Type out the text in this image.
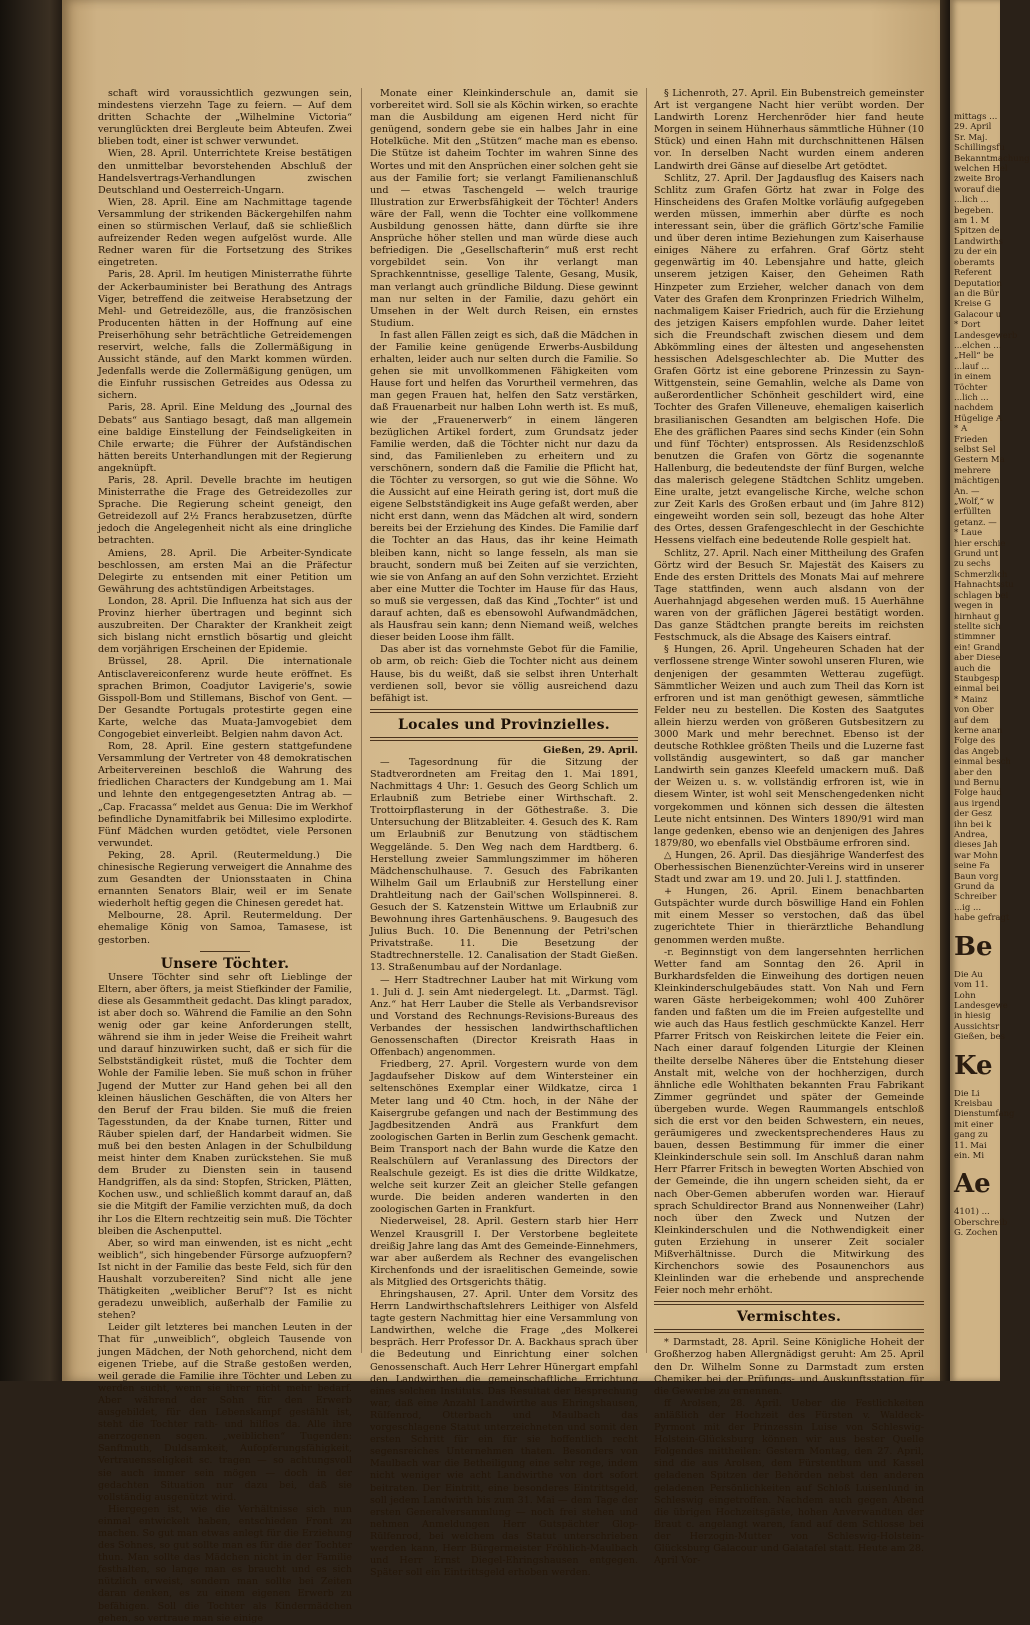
schaft wird voraussichtlich gezwungen sein, mindestens vierzehn Tage zu feiern. — Auf dem dritten Schachte der „Wilhelmine Victoria“ verunglückten drei Bergleute beim Abteufen. Zwei blieben todt, einer ist schwer verwundet.

Wien, 28. April. Unterrichtete Kreise bestätigen den unmittelbar bevorstehenden Abschluß der Handelsvertrags-Verhandlungen zwischen Deutschland und Oesterreich-Ungarn.

Wien, 28. April. Eine am Nachmittage tagende Versammlung der strikenden Bäckergehilfen nahm einen so stürmischen Verlauf, daß sie schließlich aufreizender Reden wegen aufgelöst wurde. Alle Redner waren für die Fortsetzung des Strikes eingetreten.

Paris, 28. April. Im heutigen Ministerrathe führte der Ackerbauminister bei Berathung des Antrags Viger, betreffend die zeitweise Herabsetzung der Mehl- und Getreidezölle, aus, die französischen Producenten hätten in der Hoffnung auf eine Preiserhöhung sehr beträchtliche Getreidemengen reservirt, welche, falls die Zollermäßigung in Aussicht stände, auf den Markt kommen würden. Jedenfalls werde die Zollermäßigung genügen, um die Einfuhr russischen Getreides aus Odessa zu sichern.

Paris, 28. April. Eine Meldung des „Journal des Debats“ aus Santiago besagt, daß man allgemein eine baldige Einstellung der Feindseligkeiten in Chile erwarte; die Führer der Aufständischen hätten bereits Unterhandlungen mit der Regierung angeknüpft.

Paris, 28. April. Develle brachte im heutigen Ministerrathe die Frage des Getreidezolles zur Sprache. Die Regierung scheint geneigt, den Getreidezoll auf 2½ Francs herabzusetzen, dürfte jedoch die Angelegenheit nicht als eine dringliche betrachten.

Amiens, 28. April. Die Arbeiter-Syndicate beschlossen, am ersten Mai an die Präfectur Delegirte zu entsenden mit einer Petition um Gewährung des achtstündigen Arbeitstages.

London, 28. April. Die Influenza hat sich aus der Provinz hierher übertragen und beginnt sich auszubreiten. Der Charakter der Krankheit zeigt sich bislang nicht ernstlich bösartig und gleicht dem vorjährigen Erscheinen der Epidemie.

Brüssel, 28. April. Die internationale Antisclavereiconferenz wurde heute eröffnet. Es sprachen Brimon, Coadjutor Lavigerie's, sowie Gisspoll-Bom und Stillemans, Bischof von Gent. — Der Gesandte Portugals protestirte gegen eine Karte, welche das Muata-Jamvogebiet dem Congogebiet einverleibt. Belgien nahm davon Act.

Rom, 28. April. Eine gestern stattgefundene Versammlung der Vertreter von 48 demokratischen Arbeitervereinen beschloß die Wahrung des friedlichen Characters der Kundgebung am 1. Mai und lehnte den entgegengesetzten Antrag ab. — „Cap. Fracassa“ meldet aus Genua: Die im Werkhof befindliche Dynamitfabrik bei Millesimo explodirte. Fünf Mädchen wurden getödtet, viele Personen verwundet.

Peking, 28. April. (Reutermeldung.) Die chinesische Regierung verweigert die Annahme des zum Gesandten der Unionsstaaten in China ernannten Senators Blair, weil er im Senate wiederholt heftig gegen die Chinesen geredet hat.

Melbourne, 28. April. Reutermeldung. Der ehemalige König von Samoa, Tamasese, ist gestorben.

Unsere Töchter.

Unsere Töchter sind sehr oft Lieblinge der Eltern, aber öfters, ja meist Stiefkinder der Familie, diese als Gesammtheit gedacht. Das klingt paradox, ist aber doch so. Während die Familie an den Sohn wenig oder gar keine Anforderungen stellt, während sie ihm in jeder Weise die Freiheit wahrt und darauf hinzuwirken sucht, daß er sich für die Selbstständigkeit rüstet, muß die Tochter dem Wohle der Familie leben. Sie muß schon in früher Jugend der Mutter zur Hand gehen bei all den kleinen häuslichen Geschäften, die von Alters her den Beruf der Frau bilden. Sie muß die freien Tagesstunden, da der Knabe turnen, Ritter und Räuber spielen darf, der Handarbeit widmen. Sie muß bei den besten Anlagen in der Schulbildung meist hinter dem Knaben zurückstehen. Sie muß dem Bruder zu Diensten sein in tausend Handgriffen, als da sind: Stopfen, Stricken, Plätten, Kochen usw., und schließlich kommt darauf an, daß sie die Mitgift der Familie verzichten muß, da doch ihr Los die Eltern rechtzeitig sein muß. Die Töchter bleiben die Aschenputtel.

Aber, so wird man einwenden, ist es nicht „echt weiblich“, sich hingebender Fürsorge aufzuopfern? Ist nicht in der Familie das beste Feld, sich für den Haushalt vorzubereiten? Sind nicht alle jene Thätigkeiten „weiblicher Beruf“? Ist es nicht geradezu unweiblich, außerhalb der Familie zu stehen?

Leider gilt letzteres bei manchen Leuten in der That für „unweiblich“, obgleich Tausende von jungen Mädchen, der Noth gehorchend, nicht dem eigenen Triebe, auf die Straße gestoßen werden, weil gerade die Familie ihre Töchter und Leben zu werden sucht, wenn sie ihrer nicht mehr bedarf. Aber während der Sohn für den Erwerb ausgebildet, für den Lebenskampf gestählt ist, steht die Tochter rath- und hilflos da. Alle ihre anerzogenen sogen. „weiblichen“ Tugenden: Sanftmuth, Duldsamkeit, Aufopferungsfähigkeit, Vertrauensseligkeit sc. tragen — so achtungsvoll sie auch immer sein mögen — doch in der gedachten Situation nur dazu bei, daß sie vollständig ausgenützt wird.

Hiergegen ist, wie die Verhältnisse sich nun einmal entwickelt haben, entschieden Front zu machen. So gut man etwas anlegt für die Erziehung des Sohnes, so gut sollte man es für die der Tochter thun. Man sollte das Mädchen nicht in der Familie festhalten, so lange man es braucht und es sich nützlich erweist, sondern man sollte bei Zeiten daran denken, es zu einem eigenen Erwerb zu befähigen. Soll die Tochter als Kindermädchen gehen, so vertraue man sie einige

Monate einer Kleinkinderschule an, damit sie vorbereitet wird. Soll sie als Köchin wirken, so erachte man die Ausbildung am eigenen Herd nicht für genügend, sondern gebe sie ein halbes Jahr in eine Hotelküche. Mit den „Stützen“ mache man es ebenso. Die Stütze ist daheim Tochter im wahren Sinne des Wortes und mit den Ansprüchen einer solchen geht sie aus der Familie fort; sie verlangt Familienanschluß und — etwas Taschengeld — welch traurige Illustration zur Erwerbsfähigkeit der Töchter! Anders wäre der Fall, wenn die Tochter eine vollkommene Ausbildung genossen hätte, dann dürfte sie ihre Ansprüche höher stellen und man würde diese auch befriedigen. Die „Gesellschafterin“ muß erst recht vorgebildet sein. Von ihr verlangt man Sprachkenntnisse, gesellige Talente, Gesang, Musik, man verlangt auch gründliche Bildung. Diese gewinnt man nur selten in der Familie, dazu gehört ein Umsehen in der Welt durch Reisen, ein ernstes Studium.

In fast allen Fällen zeigt es sich, daß die Mädchen in der Familie keine genügende Erwerbs-Ausbildung erhalten, leider auch nur selten durch die Familie. So gehen sie mit unvollkommenen Fähigkeiten vom Hause fort und helfen das Vorurtheil vermehren, das man gegen Frauen hat, helfen den Satz verstärken, daß Frauenarbeit nur halben Lohn werth ist. Es muß, wie der „Frauenerwerb“ in einem längeren bezüglichen Artikel fordert, zum Grundsatz jeder Familie werden, daß die Töchter nicht nur dazu da sind, das Familienleben zu erheitern und zu verschönern, sondern daß die Familie die Pflicht hat, die Töchter zu versorgen, so gut wie die Söhne. Wo die Aussicht auf eine Heirath gering ist, dort muß die eigene Selbstständigkeit ins Auge gefaßt werden, aber nicht erst dann, wenn das Mädchen alt wird, sondern bereits bei der Erziehung des Kindes. Die Familie darf die Tochter an das Haus, das ihr keine Heimath bleiben kann, nicht so lange fesseln, als man sie braucht, sondern muß bei Zeiten auf sie verzichten, wie sie von Anfang an auf den Sohn verzichtet. Erzieht aber eine Mutter die Tochter im Hause für das Haus, so muß sie vergessen, daß das Kind „Tochter“ ist und darauf achten, daß es ebensowohl Aufwandmädchen, als Hausfrau sein kann; denn Niemand weiß, welches dieser beiden Loose ihm fällt.

Das aber ist das vornehmste Gebot für die Familie, ob arm, ob reich: Gieb die Tochter nicht aus deinem Hause, bis du weißt, daß sie selbst ihren Unterhalt verdienen soll, bevor sie völlig ausreichend dazu befähigt ist.

Locales und Provinzielles.

Gießen, 29. April.

— Tagesordnung für die Sitzung der Stadtverordneten am Freitag den 1. Mai 1891, Nachmittags 4 Uhr: 1. Gesuch des Georg Schlich um Erlaubniß zum Betriebe einer Wirthschaft. 2. Trottoirpflasterung in der Göthestraße. 3. Die Untersuchung der Blitzableiter. 4. Gesuch des K. Ram um Erlaubniß zur Benutzung von städtischem Weggelände. 5. Den Weg nach dem Hardtberg. 6. Herstellung zweier Sammlungszimmer im höheren Mädchenschulhause. 7. Gesuch des Fabrikanten Wilhelm Gail um Erlaubniß zur Herstellung einer Drahtleitung nach der Gail'schen Wollspinnerei. 8. Gesuch der S. Katzenstein Wittwe um Erlaubniß zur Bewohnung ihres Gartenhäuschens. 9. Baugesuch des Julius Buch. 10. Die Benennung der Petri'schen Privatstraße. 11. Die Besetzung der Stadtrechnerstelle. 12. Canalisation der Stadt Gießen. 13. Straßenumbau auf der Nordanlage.

— Herr Stadtrechner Lauber hat mit Wirkung vom 1. Juli d. J. sein Amt niedergelegt. Lt. „Darmst. Tägl. Anz.“ hat Herr Lauber die Stelle als Verbandsrevisor und Vorstand des Rechnungs-Revisions-Bureaus des Verbandes der hessischen landwirthschaftlichen Genossenschaften (Director Kreisrath Haas in Offenbach) angenommen.

Friedberg, 27. April. Vorgestern wurde von dem Jagdaufseher Diskow auf dem Wintersteiner ein seltenschönes Exemplar einer Wildkatze, circa 1 Meter lang und 40 Ctm. hoch, in der Nähe der Kaisergrube gefangen und nach der Bestimmung des Jagdbesitzenden Andrä aus Frankfurt dem zoologischen Garten in Berlin zum Geschenk gemacht. Beim Transport nach der Bahn wurde die Katze den Realschülern auf Veranlassung des Directors der Realschule gezeigt. Es ist dies die dritte Wildkatze, welche seit kurzer Zeit an gleicher Stelle gefangen wurde. Die beiden anderen wanderten in den zoologischen Garten in Frankfurt.

Niederweisel, 28. April. Gestern starb hier Herr Wenzel Krausgrill I. Der Verstorbene begleitete dreißig Jahre lang das Amt des Gemeinde-Einnehmers, war aber außerdem als Rechner des evangelischen Kirchenfonds und der israelitischen Gemeinde, sowie als Mitglied des Ortsgerichts thätig.

Ehringshausen, 27. April. Unter dem Vorsitz des Herrn Landwirthschaftslehrers Leithiger von Alsfeld tagte gestern Nachmittag hier eine Versammlung von Landwirthen, welche die Frage „des Molkerei bespräch. Herr Professor Dr. A. Backhaus sprach über die Bedeutung und Einrichtung einer solchen Genossenschaft. Auch Herr Lehrer Hünergart empfahl den Landwirthen die gemeinschaftliche Errichtung eines solchen Instituts. Das Resultat der Besprechung war, daß eine Anzahl Landwirthe aus Ehringshausen, Rülfenrod, Otterbach und Maulbach das vorgeschlagene Statut unterzeichneten und somit den ersten Schritt für ein für sie hoffentlich recht segensreiches Unternehmen thaten. Besonders von Maulbach war die Betheiligung eine sehr rege, indem nicht weniger wie acht Landwirthe von dort sofort beitraten. Der Eintritt, eine besonderes Eintrittsgeld, soll jedem Landwirth bis zum 31. Mai — dem Tage der ersten Generalversammlung — noch frei stehen und nehmen Anmeldungen Herr Gutspächter Glop-Rülfenrod, bei welchem das Statut unterschrieben werden kann, Herr Bürgermeister Fröhlich-Maulbach und Herr Ernst Diegel-Ehringshausen entgegen. Später soll ein Eintrittsgeld erhoben werden.

§ Lichenroth, 27. April. Ein Bubenstreich gemeinster Art ist vergangene Nacht hier verübt worden. Der Landwirth Lorenz Herchenröder hier fand heute Morgen in seinem Hühnerhaus sämmtliche Hühner (10 Stück) und einen Hahn mit durchschnittenen Hälsen vor. In derselben Nacht wurden einem anderen Landwirth drei Gänse auf dieselbe Art getödtet.

Schlitz, 27. April. Der Jagdausflug des Kaisers nach Schlitz zum Grafen Görtz hat zwar in Folge des Hinscheidens des Grafen Moltke vorläufig aufgegeben werden müssen, immerhin aber dürfte es noch interessant sein, über die gräflich Görtz'sche Familie und über deren intime Beziehungen zum Kaiserhause einiges Nähere zu erfahren. Graf Görtz steht gegenwärtig im 40. Lebensjahre und hatte, gleich unserem jetzigen Kaiser, den Geheimen Rath Hinzpeter zum Erzieher, welcher danach von dem Vater des Grafen dem Kronprinzen Friedrich Wilhelm, nachmaligem Kaiser Friedrich, auch für die Erziehung des jetzigen Kaisers empfohlen wurde. Daher leitet sich die Freundschaft zwischen diesem und dem Abkömmling eines der ältesten und angesehensten hessischen Adelsgeschlechter ab. Die Mutter des Grafen Görtz ist eine geborene Prinzessin zu Sayn-Wittgenstein, seine Gemahlin, welche als Dame von außerordentlicher Schönheit geschildert wird, eine Tochter des Grafen Villeneuve, ehemaligen kaiserlich brasilianischen Gesandten am belgischen Hofe. Die Ehe des gräflichen Paares sind sechs Kinder (ein Sohn und fünf Töchter) entsprossen. Als Residenzschloß benutzen die Grafen von Görtz die sogenannte Hallenburg, die bedeutendste der fünf Burgen, welche das malerisch gelegene Städtchen Schlitz umgeben. Eine uralte, jetzt evangelische Kirche, welche schon zur Zeit Karls des Großen erbaut und (im Jahre 812) eingeweiht worden sein soll, bezeugt das hohe Alter des Ortes, dessen Grafengeschlecht in der Geschichte Hessens vielfach eine bedeutende Rolle gespielt hat.

Schlitz, 27. April. Nach einer Mittheilung des Grafen Görtz wird der Besuch Sr. Majestät des Kaisers zu Ende des ersten Drittels des Monats Mai auf mehrere Tage stattfinden, wenn auch alsdann von der Auerhahnjagd abgesehen werden muß. 15 Auerhähne waren von der gräflichen Jägerei bestätigt worden. Das ganze Städtchen prangte bereits im reichsten Festschmuck, als die Absage des Kaisers eintraf.

§ Hungen, 26. April. Ungeheuren Schaden hat der verflossene strenge Winter sowohl unseren Fluren, wie denjenigen der gesammten Wetterau zugefügt. Sämmtlicher Weizen und auch zum Theil das Korn ist erfroren und ist man genöthigt gewesen, sämmtliche Felder neu zu bestellen. Die Kosten des Saatgutes allein hierzu werden von größeren Gutsbesitzern zu 3000 Mark und mehr berechnet. Ebenso ist der deutsche Rothklee größten Theils und die Luzerne fast vollständig ausgewintert, so daß gar mancher Landwirth sein ganzes Kleefeld umackern muß. Daß der Weizen u. s. w. vollständig erfroren ist, wie in diesem Winter, ist wohl seit Menschengedenken nicht vorgekommen und können sich dessen die ältesten Leute nicht entsinnen. Des Winters 1890/91 wird man lange gedenken, ebenso wie an denjenigen des Jahres 1879/80, wo ebenfalls viel Obstbäume erfroren sind.

△ Hungen, 26. April. Das diesjährige Wanderfest des Oberhessischen Bienenzüchter-Vereins wird in unserer Stadt und zwar am 19. und 20. Juli l. J. stattfinden.

+ Hungen, 26. April. Einem benachbarten Gutspächter wurde durch böswillige Hand ein Fohlen mit einem Messer so verstochen, daß das übel zugerichtete Thier in thierärztliche Behandlung genommen werden mußte.

-r. Beginnstigt von dem langersehnten herrlichen Wetter fand am Sonntag den 26. April in Burkhardsfelden die Einweihung des dortigen neuen Kleinkinderschulgebäudes statt. Von Nah und Fern waren Gäste herbeigekommen; wohl 400 Zuhörer fanden und faßten um die im Freien aufgestellte und wie auch das Haus festlich geschmückte Kanzel. Herr Pfarrer Fritsch von Reiskirchen leitete die Feier ein. Nach einer darauf folgenden Liturgie der Kleinen theilte derselbe Näheres über die Entstehung dieser Anstalt mit, welche von der hochherzigen, durch ähnliche edle Wohlthaten bekannten Frau Fabrikant Zimmer gegründet und später der Gemeinde übergeben wurde. Wegen Raummangels entschloß sich die erst vor den beiden Schwestern, ein neues, geräumigeres und zweckentsprechenderes Haus zu bauen, dessen Bestimmung für immer die einer Kleinkinderschule sein soll. Im Anschluß daran nahm Herr Pfarrer Fritsch in bewegten Worten Abschied von der Gemeinde, die ihn ungern scheiden sieht, da er nach Ober-Gemen abberufen worden war. Hierauf sprach Schuldirector Brand aus Nonnenweiher (Lahr) noch über den Zweck und Nutzen der Kleinkinderschulen und die Nothwendigkeit einer guten Erziehung in unserer Zeit socialer Mißverhältnisse. Durch die Mitwirkung des Kirchenchors sowie des Posaunenchors aus Kleinlinden war die erhebende und ansprechende Feier noch mehr erhöht.

Vermischtes.

* Darmstadt, 28. April. Seine Königliche Hoheit der Großherzog haben Allergnädigst geruht: Am 25. April den Dr. Wilhelm Sonne zu Darmstadt zum ersten Chemiker bei der Prüfungs- und Auskunftsstation für die Gewerbe zu ernennen.

ff Arolsen, 28. April. Ueber die Festlichkeiten anläßlich der Hochzeit des Fürsten v. Waldeck-Pyrmont mit der Prinzessin Luise von Schleswig-Holstein-Glücksburg können wir aus bester Quelle Folgendes mittheilen: Gestern Montag, den 27. April, sind die aus Arolsen, dem Fürstenthum und Kassel geladenen Spitzen der Behörden nebst den anderen geladenen Persönlichkeiten auf Schloß Luisenlund in Schleswig eingetroffen. Nachdem auch gegen Abend die übrigen Hochzeitsgäste, hohen Anverwandten der Braut c. angelangt waren, fand auf dem Schlosse bei der Herzogin-Mutter von Schleswig-Holstein-Glücksburg Galacour und Galatafel statt. Heute am 28. April Vor-

mittags ...

29. April

Sr. Maj.

Schillingsfu

Bekanntmachung

welchen Hel

zweite Bro

worauf die

...lich ...

begeben.

am 1. M

Spitzen de

Landwirths

zu der ein

oberamts

Referent

Deputation

an die Bür

Kreise G

Galacour u

* Dort

Landesgewerb

...elchen ...

„Hell“ be

...lauf ...

in einem

Töchter

...lich ...

nachdem

Hügelige A

* A

Frieden

selbst Sel

Gestern Ma

mehrere

mächtigen

An. —

„Wolf,“ w

erfüllten

getanz. —

* Laue

hier erschie

Grund unt

zu sechs

Schmerzlich

Hahnachtsstu

schlagen bei

wegen in

hirnhaut g

stellte sich

stimmner

ein! Grand

aber Diese

auch die

Staubgesp

einmal bei

* Mainz

von Ober

auf dem

kerne anan

Folge des

das Angeb

einmal besch

aber den

und Bernu

Folge haud

aus irgend

der Gesz

ihn bei k

Andrea,

dieses Jah

war Mohn

seine Fa

Baun vorg

Grund da

Schreiber

...ig ...

habe gefragt

Be

Die Au

vom 11.

Lohn

Landesgewe

in hiesig

Aussichtsr

Gießen, bes

Ke

Die Li

Kreisbau

Dienstumfang

mit einer

gang zu

11. Mai

ein. Mi

Ae

4101) ...

Oberschreib

G. Zochen
